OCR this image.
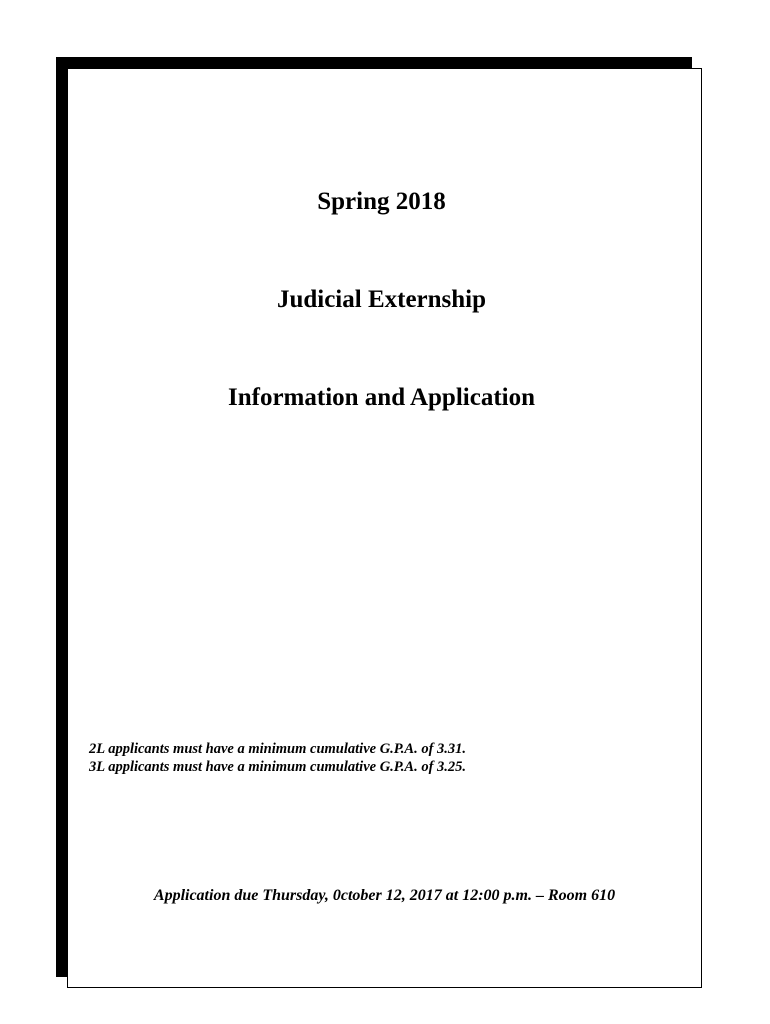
Spring 2018
Judicial Externship
Information and Application
2L applicants must have a minimum cumulative G.P.A. of 3.31.
3L applicants must have a minimum cumulative G.P.A. of 3.25.
Application due Thursday, 0ctober 12, 2017 at 12:00 p.m. – Room 610
